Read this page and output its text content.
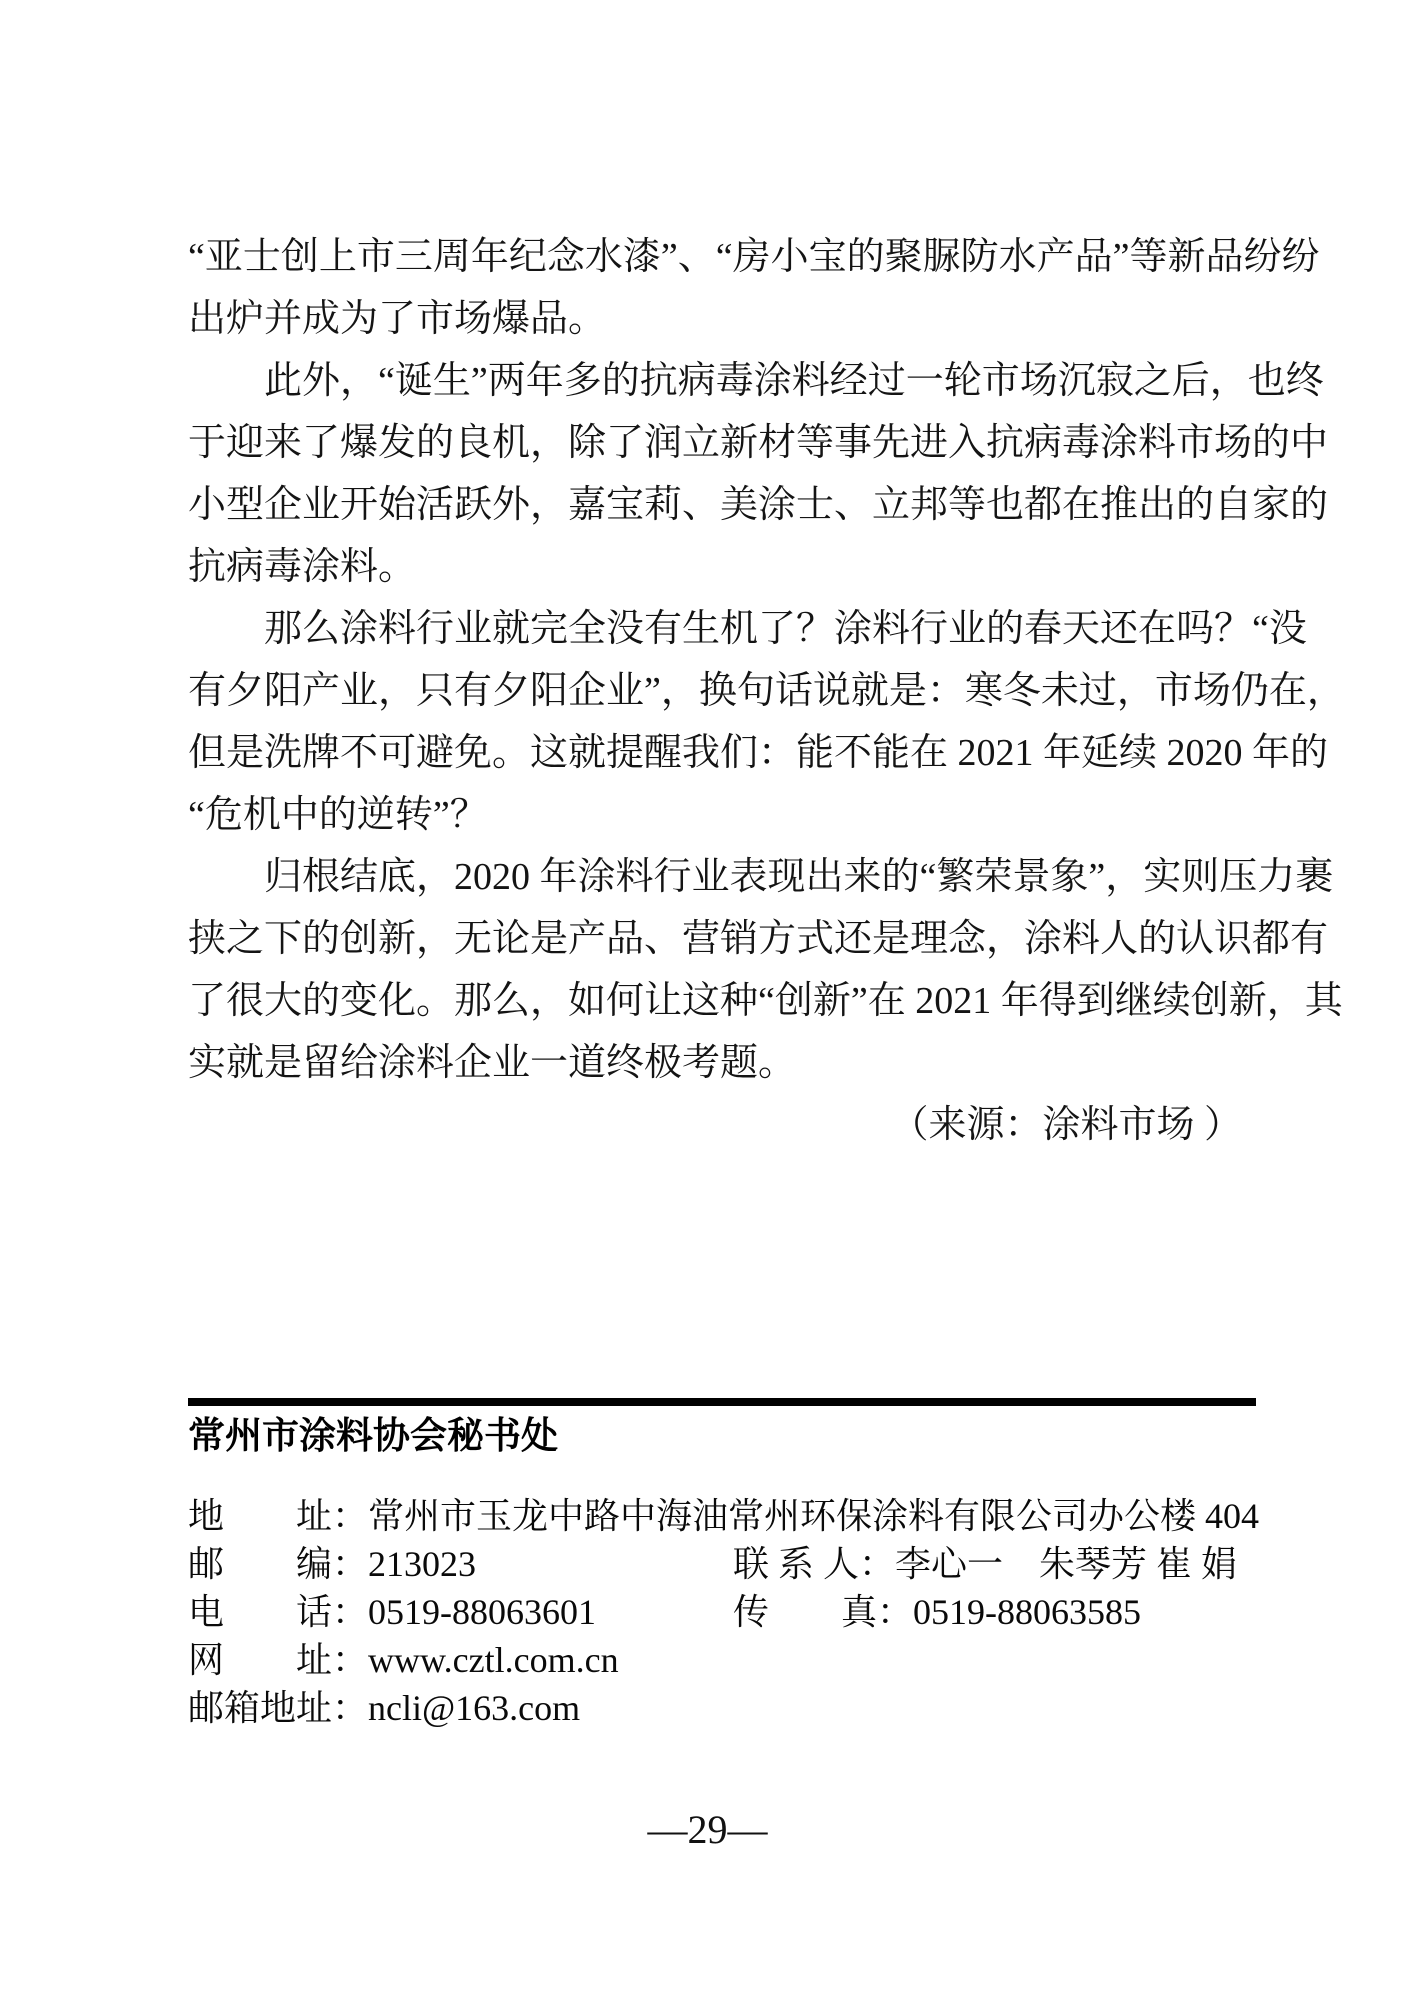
“亚士创上市三周年纪念水漆”、“房小宝的聚脲防水产品”等新品纷纷
出炉并成为了市场爆品。
此外，“诞生”两年多的抗病毒涂料经过一轮市场沉寂之后，也终
于迎来了爆发的良机，除了润立新材等事先进入抗病毒涂料市场的中
小型企业开始活跃外，嘉宝莉、美涂士、立邦等也都在推出的自家的
抗病毒涂料。
那么涂料行业就完全没有生机了？涂料行业的春天还在吗？“没
有夕阳产业，只有夕阳企业”，换句话说就是：寒冬未过，市场仍在，
但是洗牌不可避免。这就提醒我们：能不能在 2021 年延续 2020 年的
“危机中的逆转”？
归根结底，2020 年涂料行业表现出来的“繁荣景象”，实则压力裹
挟之下的创新，无论是产品、营销方式还是理念，涂料人的认识都有
了很大的变化。那么，如何让这种“创新”在 2021 年得到继续创新，其
实就是留给涂料企业一道终极考题。
（来源：涂料市场 ）
常州市涂料协会秘书处
地　　址： 常州市玉龙中路中海油常州环保涂料有限公司办公楼 404
邮　　编：213023	联 系 人：李心一　朱琴芳 崔 娟
电　　话：0519-88063601	传　　真：0519-88063585
网　　址： www.cztl.com.cn
邮箱地址： ncli@163.com
—29—
